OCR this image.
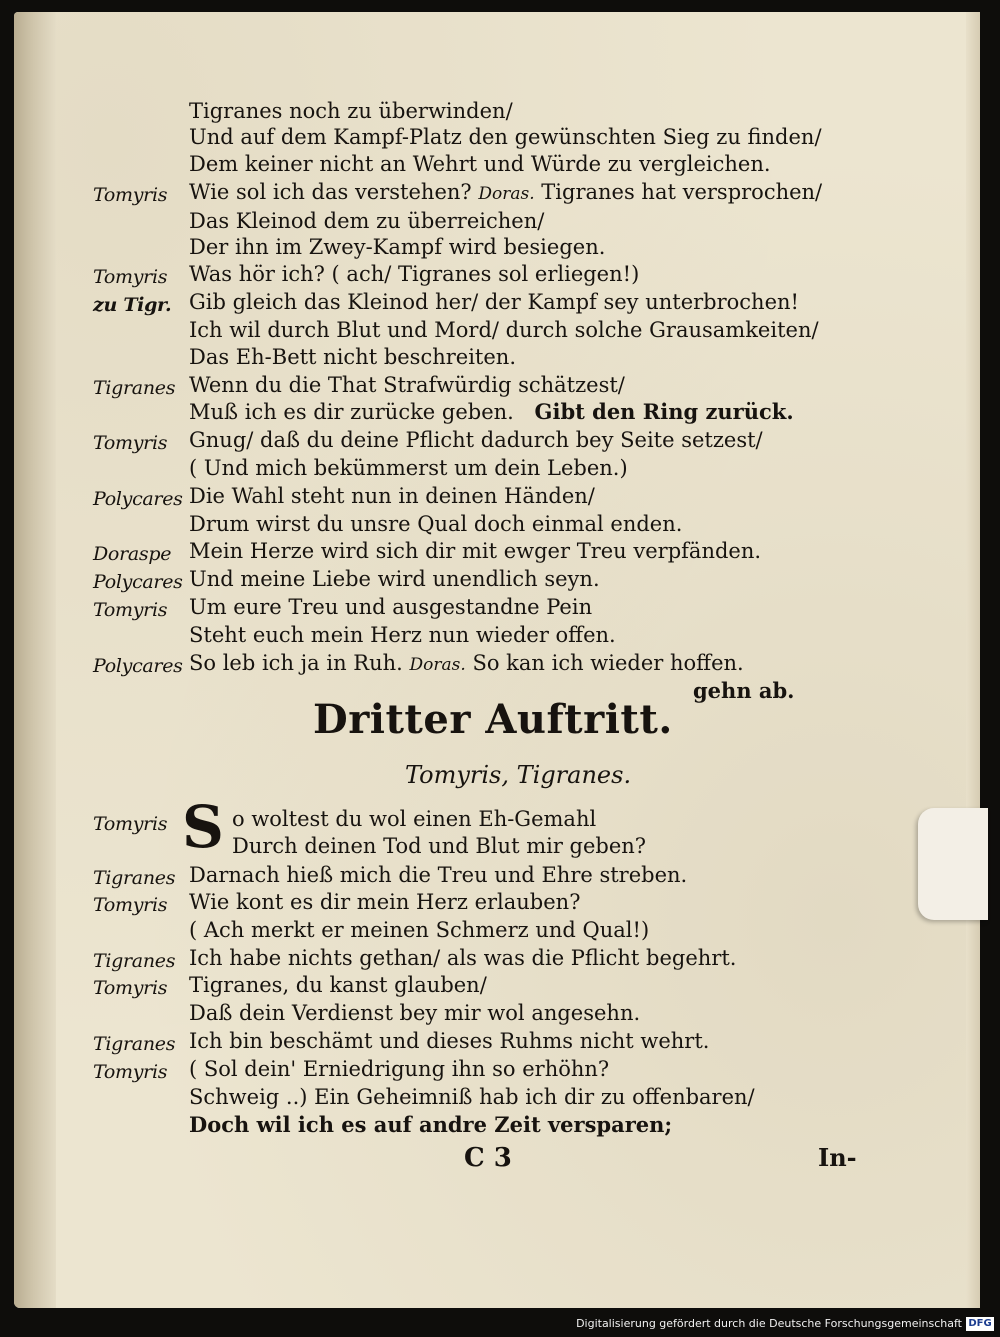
Tigranes noch zu überwinden/
Und auf dem Kampf-Platz den gewünschten Sieg zu finden/
Dem keiner nicht an Wehrt und Würde zu vergleichen.
Tomyris Wie sol ich das verstehen? Doras. Tigranes hat versprochen/
Das Kleinod dem zu überreichen/
Der ihn im Zwey-Kampf wird besiegen.
Tomyris Was hör ich? ( ach/ Tigranes sol erliegen!)
zu Tigr. Gib gleich das Kleinod her/ der Kampf sey unterbrochen!
Ich wil durch Blut und Mord/ durch solche Grausamkeiten/
Das Eh-Bett nicht beschreiten.
Tigranes Wenn du die That Strafwürdig schätzest/
Muß ich es dir zurücke geben. Gibt den Ring zurück.
Tomyris Gnug/ daß du deine Pflicht dadurch bey Seite setzest/
( Und mich bekümmerst um dein Leben.)
Polycares Die Wahl steht nun in deinen Händen/
Drum wirst du unsre Qual doch einmal enden.
Doraspe Mein Herze wird sich dir mit ewger Treu verpfänden.
Polycares Und meine Liebe wird unendlich seyn.
Tomyris Um eure Treu und ausgestandne Pein
Steht euch mein Herz nun wieder offen.
Polycares So leb ich ja in Ruh. Doras. So kan ich wieder hoffen.
gehn ab.
Dritter Auftritt.
Tomyris, Tigranes.
S
Tomyris	o woltest du wol einen Eh-Gemahl
Durch deinen Tod und Blut mir geben?
Tigranes Darnach hieß mich die Treu und Ehre streben.
Tomyris Wie kont es dir mein Herz erlauben?
( Ach merkt er meinen Schmerz und Qual!)
Tigranes Ich habe nichts gethan/ als was die Pflicht begehrt.
Tomyris Tigranes, du kanst glauben/
Daß dein Verdienst bey mir wol angesehn.
Tigranes Ich bin beschämt und dieses Ruhms nicht wehrt.
Tomyris ( Sol dein' Erniedrigung ihn so erhöhn?
Schweig ..) Ein Geheimniß hab ich dir zu offenbaren/
Doch wil ich es auf andre Zeit versparen;
C 3	In-
Digitalisierung gefördert durch die Deutsche Forschungsgemeinschaft DFG
